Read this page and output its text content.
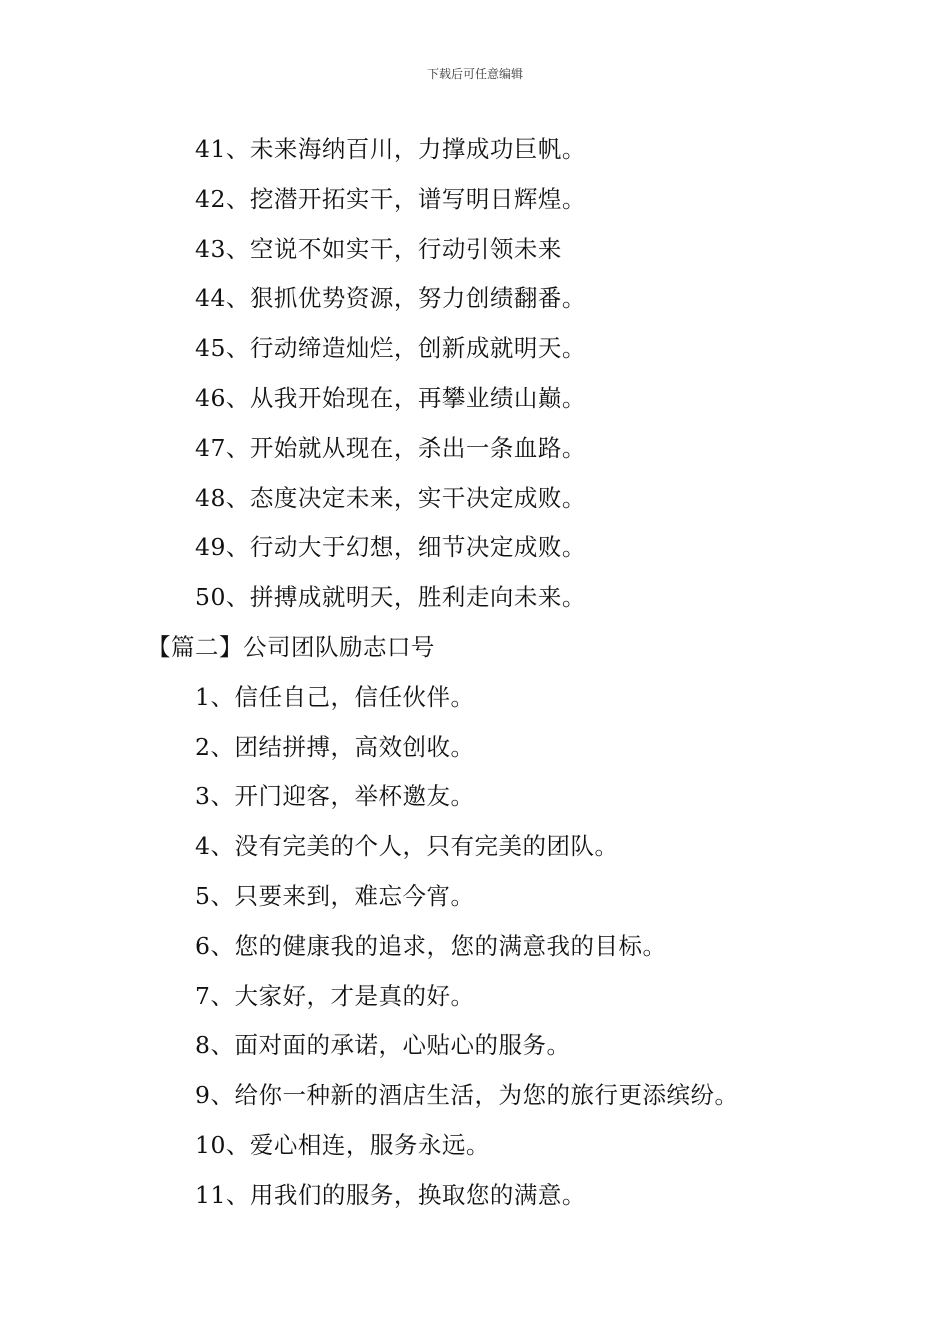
下载后可任意编辑
41、未来海纳百川，力撑成功巨帆。
42、挖潜开拓实干，谱写明日辉煌。
43、空说不如实干，行动引领未来
44、狠抓优势资源，努力创绩翻番。
45、行动缔造灿烂，创新成就明天。
46、从我开始现在，再攀业绩山巅。
47、开始就从现在，杀出一条血路。
48、态度决定未来，实干决定成败。
49、行动大于幻想，细节决定成败。
50、拼搏成就明天，胜利走向未来。
【篇二】公司团队励志口号
1、信任自己，信任伙伴。
2、团结拼搏，高效创收。
3、开门迎客，举杯邀友。
4、没有完美的个人，只有完美的团队。
5、只要来到，难忘今宵。
6、您的健康我的追求，您的满意我的目标。
7、大家好，才是真的好。
8、面对面的承诺，心贴心的服务。
9、给你一种新的酒店生活，为您的旅行更添缤纷。
10、爱心相连，服务永远。
11、用我们的服务，换取您的满意。
